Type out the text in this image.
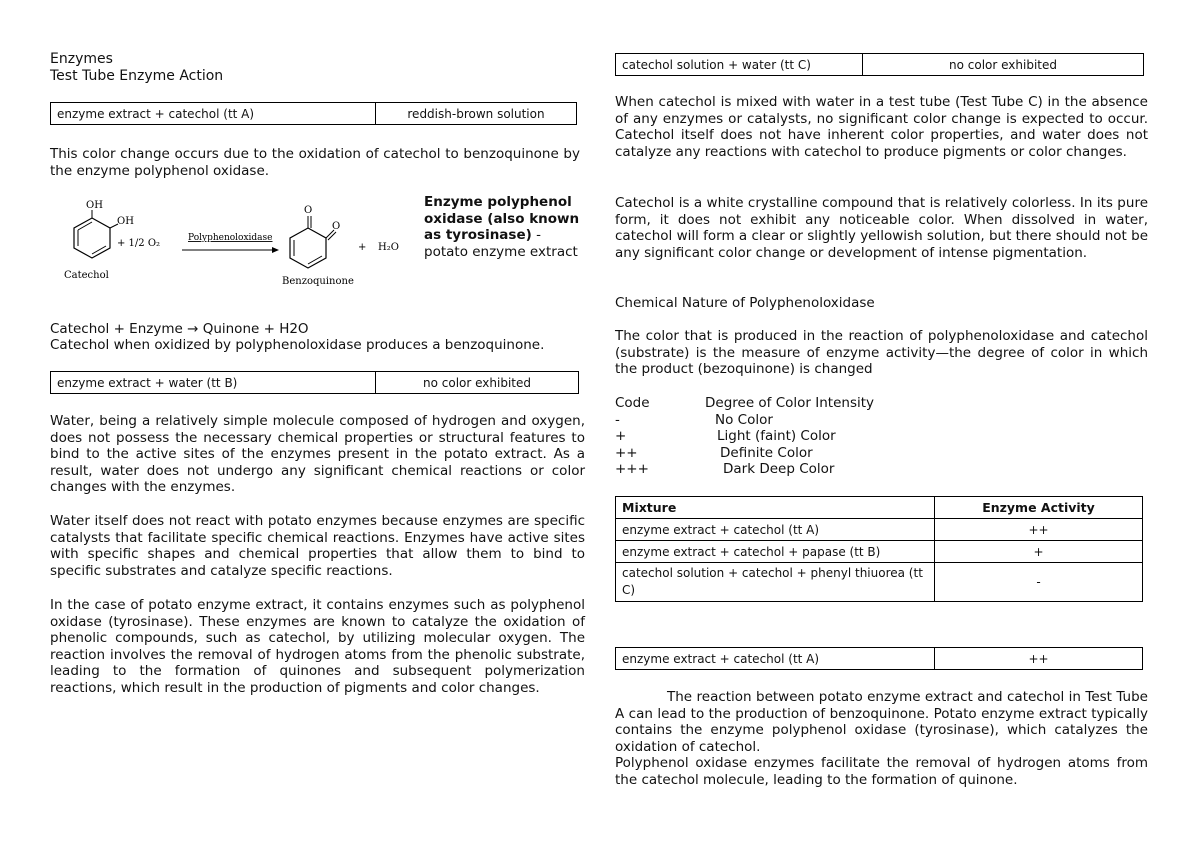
Enzymes
Test Tube Enzyme Action
enzyme extract + catechol (tt A)	reddish-brown solution

This color change occurs due to the oxidation of catechol to benzoquinone by the enzyme polyphenol oxidase.

OH
OH
+ 1/2 O₂
Catechol
Polyphenoloxidase
O
O
+ H₂O
Benzoquinone
Enzyme polyphenol oxidase (also known as tyrosinase) - potato enzyme extract
Catechol + Enzyme → Quinone + H2O
Catechol when oxidized by polyphenoloxidase produces a benzoquinone.
enzyme extract + water (tt B)	no color exhibited

Water, being a relatively simple molecule composed of hydrogen and oxygen, does not possess the necessary chemical properties or structural features to bind to the active sites of the enzymes present in the potato extract. As a result, water does not undergo any significant chemical reactions or color changes with the enzymes.

Water itself does not react with potato enzymes because enzymes are specific catalysts that facilitate specific chemical reactions. Enzymes have active sites with specific shapes and chemical properties that allow them to bind to specific substrates and catalyze specific reactions.

In the case of potato enzyme extract, it contains enzymes such as polyphenol oxidase (tyrosinase). These enzymes are known to catalyze the oxidation of phenolic compounds, such as catechol, by utilizing molecular oxygen. The reaction involves the removal of hydrogen atoms from the phenolic substrate, leading to the formation of quinones and subsequent polymerization reactions, which result in the production of pigments and color changes.

catechol solution + water (tt C)	no color exhibited

When catechol is mixed with water in a test tube (Test Tube C) in the absence of any enzymes or catalysts, no significant color change is expected to occur. Catechol itself does not have inherent color properties, and water does not catalyze any reactions with catechol to produce pigments or color changes.

Catechol is a white crystalline compound that is relatively colorless. In its pure form, it does not exhibit any noticeable color. When dissolved in water, catechol will form a clear or slightly yellowish solution, but there should not be any significant color change or development of intense pigmentation.

Chemical Nature of Polyphenoloxidase

The color that is produced in the reaction of polyphenoloxidase and catechol (substrate) is the measure of enzyme activity—the degree of color in which the product (bezoquinone) is changed

Code	Degree of Color Intensity
-	No Color
+	Light (faint) Color
++	Definite Color
+++	Dark Deep Color
Mixture	Enzyme Activity
enzyme extract + catechol (tt A)	++
enzyme extract + catechol + papase (tt B)	+
catechol solution + catechol + phenyl thiuorea (tt C)	-
enzyme extract + catechol (tt A)	++

The reaction between potato enzyme extract and catechol in Test Tube A can lead to the production of benzoquinone. Potato enzyme extract typically contains the enzyme polyphenol oxidase (tyrosinase), which catalyzes the oxidation of catechol.

Polyphenol oxidase enzymes facilitate the removal of hydrogen atoms from the catechol molecule, leading to the formation of quinone.
